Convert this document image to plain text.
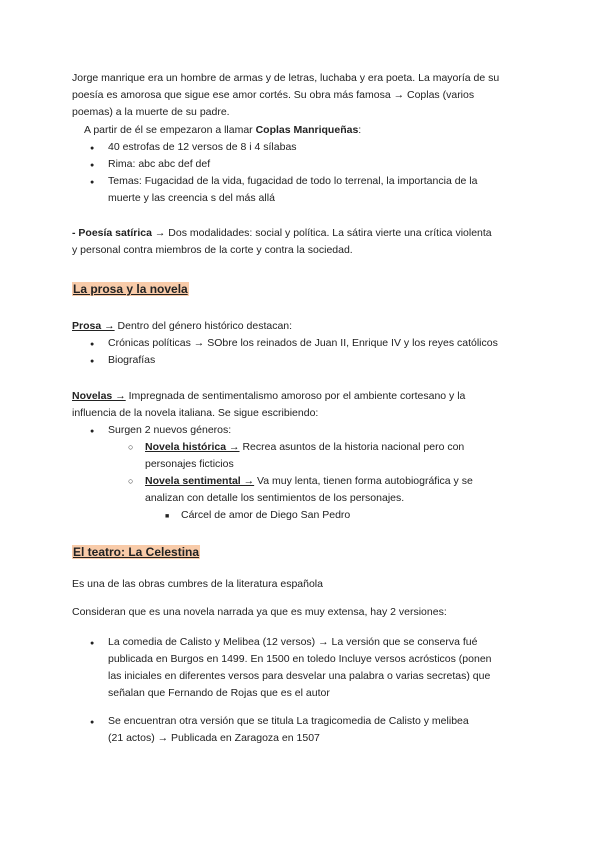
Jorge manrique era un hombre de armas y de letras, luchaba y era poeta. La mayoría de su
poesía es amorosa que sigue ese amor cortés. Su obra más famosa → Coplas (varios
poemas) a la muerte de su padre.
A partir de él se empezaron a llamar Coplas Manriqueñas:
●
40 estrofas de 12 versos de 8 i 4 sílabas
●
Rima: abc abc def def
●
Temas: Fugacidad de la vida, fugacidad de todo lo terrenal, la importancia de la
muerte y las creencia s del más allá
- Poesía satírica → Dos modalidades: social y política. La sátira vierte una crítica violenta
y personal contra miembros de la corte y contra la sociedad.
La prosa y la novela
Prosa → Dentro del género histórico destacan:
●
Crónicas políticas → SObre los reinados de Juan II, Enrique IV y los reyes católicos
●
Biografías
Novelas → Impregnada de sentimentalismo amoroso por el ambiente cortesano y la
influencia de la novela italiana. Se sigue escribiendo:
●
Surgen 2 nuevos géneros:
○
Novela histórica → Recrea asuntos de la historia nacional pero con
personajes ficticios
○
Novela sentimental → Va muy lenta, tienen forma autobiográfica y se
analizan con detalle los sentimientos de los personajes.
■
Cárcel de amor de Diego San Pedro
El teatro: La Celestina
Es una de las obras cumbres de la literatura española
Consideran que es una novela narrada ya que es muy extensa, hay 2 versiones:
●
La comedia de Calisto y Melibea (12 versos) → La versión que se conserva fué
publicada en Burgos en 1499. En 1500 en toledo Incluye versos acrósticos (ponen
las iniciales en diferentes versos para desvelar una palabra o varias secretas) que
señalan que Fernando de Rojas que es el autor
●
Se encuentran otra versión que se titula La tragicomedia de Calisto y melibea
(21 actos) → Publicada en Zaragoza en 1507
